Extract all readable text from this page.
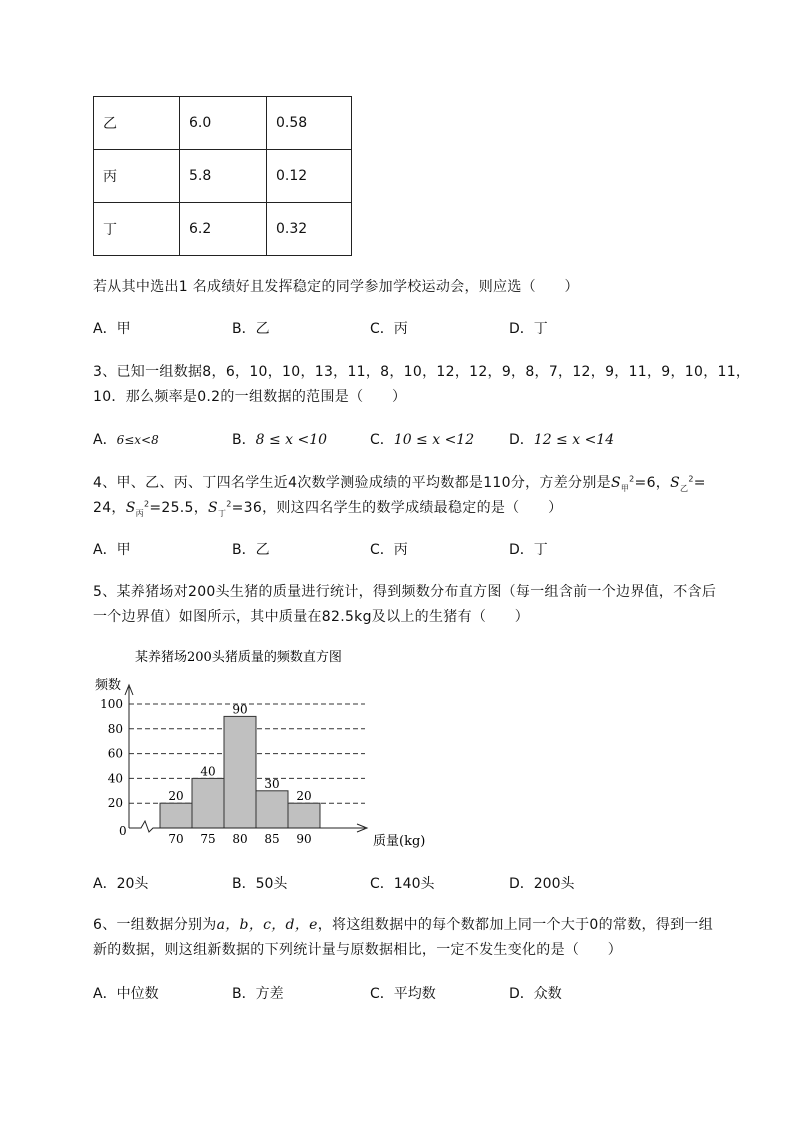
乙	6.0	0.58
丙	5.8	0.12
丁	6.2	0.32
若从其中选出1 名成绩好且发挥稳定的同学参加学校运动会，则应选（　　）
A．甲	B．乙	C．丙	D．丁
3、已知一组数据8，6，10，10，13，11，8，10，12，12，9，8，7，12，9，11，9，10，11，
10．那么频率是0.2的一组数据的范围是（　　）
A．6≤x<8	B．8 ≤ x <10	C．10 ≤ x <12 D．12 ≤ x <14
4、甲、乙、丙、丁四名学生近4次数学测验成绩的平均数都是110分，方差分别是$S_甲^2=6$，$S_乙^2=$
24，$S_丙^2=25.5$，$S_丁^2=36$，则这四名学生的数学成绩最稳定的是（　　）
A．甲	B．乙	C．丙	D．丁
5、某养猪场对200头生猪的质量进行统计，得到频数分布直方图（每一组含前一个边界值，不含后
一个边界值）如图所示，其中质量在82.5kg及以上的生猪有（　　）
某养猪场200头猪质量的频数直方图
频数
质量(kg)
0
20
40
60
80
100
20
40
90
30
20
70 75 80 85 90
A．20头	B．50头	C．140头	D．200头
6、一组数据分别为a，b，c，d，e，将这组数据中的每个数都加上同一个大于0的常数，得到一组
新的数据，则这组新数据的下列统计量与原数据相比，一定不发生变化的是（　　）
A．中位数	B．方差	C．平均数	D．众数
